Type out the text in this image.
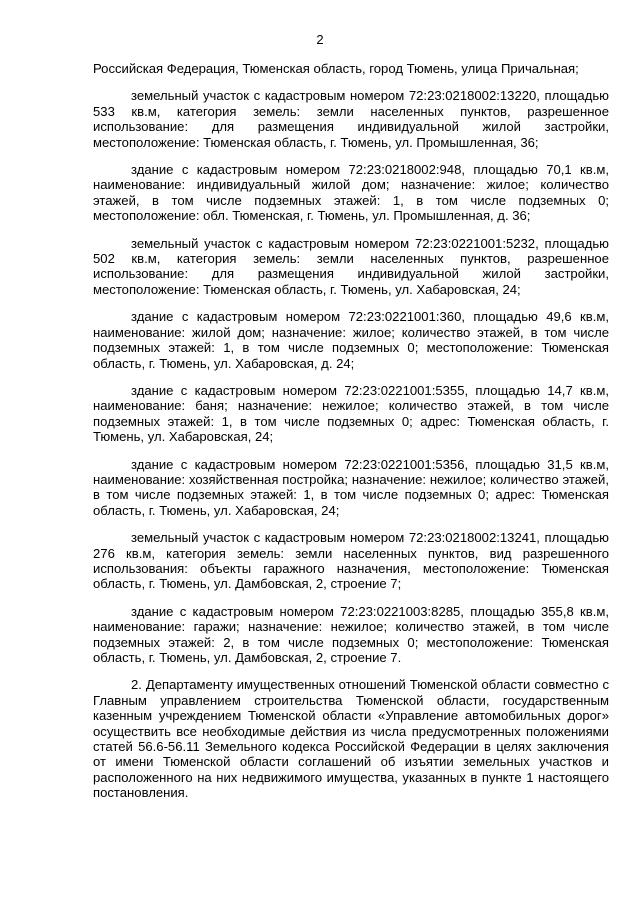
2

Российская Федерация, Тюменская область, город Тюмень, улица Причальная;

земельный участок с кадастровым номером 72:23:0218002:13220, площадью 533 кв.м, категория земель: земли населенных пунктов, разрешенное использование: для размещения индивидуальной жилой застройки, местоположение: Тюменская область, г. Тюмень, ул. Промышленная, 36;

здание с кадастровым номером 72:23:0218002:948, площадью 70,1 кв.м, наименование: индивидуальный жилой дом; назначение: жилое; количество этажей, в том числе подземных этажей: 1, в том числе подземных 0; местоположение: обл. Тюменская, г. Тюмень, ул. Промышленная, д. 36;

земельный участок с кадастровым номером 72:23:0221001:5232, площадью 502 кв.м, категория земель: земли населенных пунктов, разрешенное использование: для размещения индивидуальной жилой застройки, местоположение: Тюменская область, г. Тюмень, ул. Хабаровская, 24;

здание с кадастровым номером 72:23:0221001:360, площадью 49,6 кв.м, наименование: жилой дом; назначение: жилое; количество этажей, в том числе подземных этажей: 1, в том числе подземных 0; местоположение: Тюменская область, г. Тюмень, ул. Хабаровская, д. 24;

здание с кадастровым номером 72:23:0221001:5355, площадью 14,7 кв.м, наименование: баня; назначение: нежилое; количество этажей, в том числе подземных этажей: 1, в том числе подземных 0; адрес: Тюменская область, г. Тюмень, ул. Хабаровская, 24;

здание с кадастровым номером 72:23:0221001:5356, площадью 31,5 кв.м, наименование: хозяйственная постройка; назначение: нежилое; количество этажей, в том числе подземных этажей: 1, в том числе подземных 0; адрес: Тюменская область, г. Тюмень, ул. Хабаровская, 24;

земельный участок с кадастровым номером 72:23:0218002:13241, площадью 276 кв.м, категория земель: земли населенных пунктов, вид разрешенного использования: объекты гаражного назначения, местоположение: Тюменская область, г. Тюмень, ул. Дамбовская, 2, строение 7;

здание с кадастровым номером 72:23:0221003:8285, площадью 355,8 кв.м, наименование: гаражи; назначение: нежилое; количество этажей, в том числе подземных этажей: 2, в том числе подземных 0; местоположение: Тюменская область, г. Тюмень, ул. Дамбовская, 2, строение 7.

2. Департаменту имущественных отношений Тюменской области совместно с Главным управлением строительства Тюменской области, государственным казенным учреждением Тюменской области «Управление автомобильных дорог» осуществить все необходимые действия из числа предусмотренных положениями статей 56.6-56.11 Земельного кодекса Российской Федерации в целях заключения от имени Тюменской области соглашений об изъятии земельных участков и расположенного на них недвижимого имущества, указанных в пункте 1 настоящего постановления.
